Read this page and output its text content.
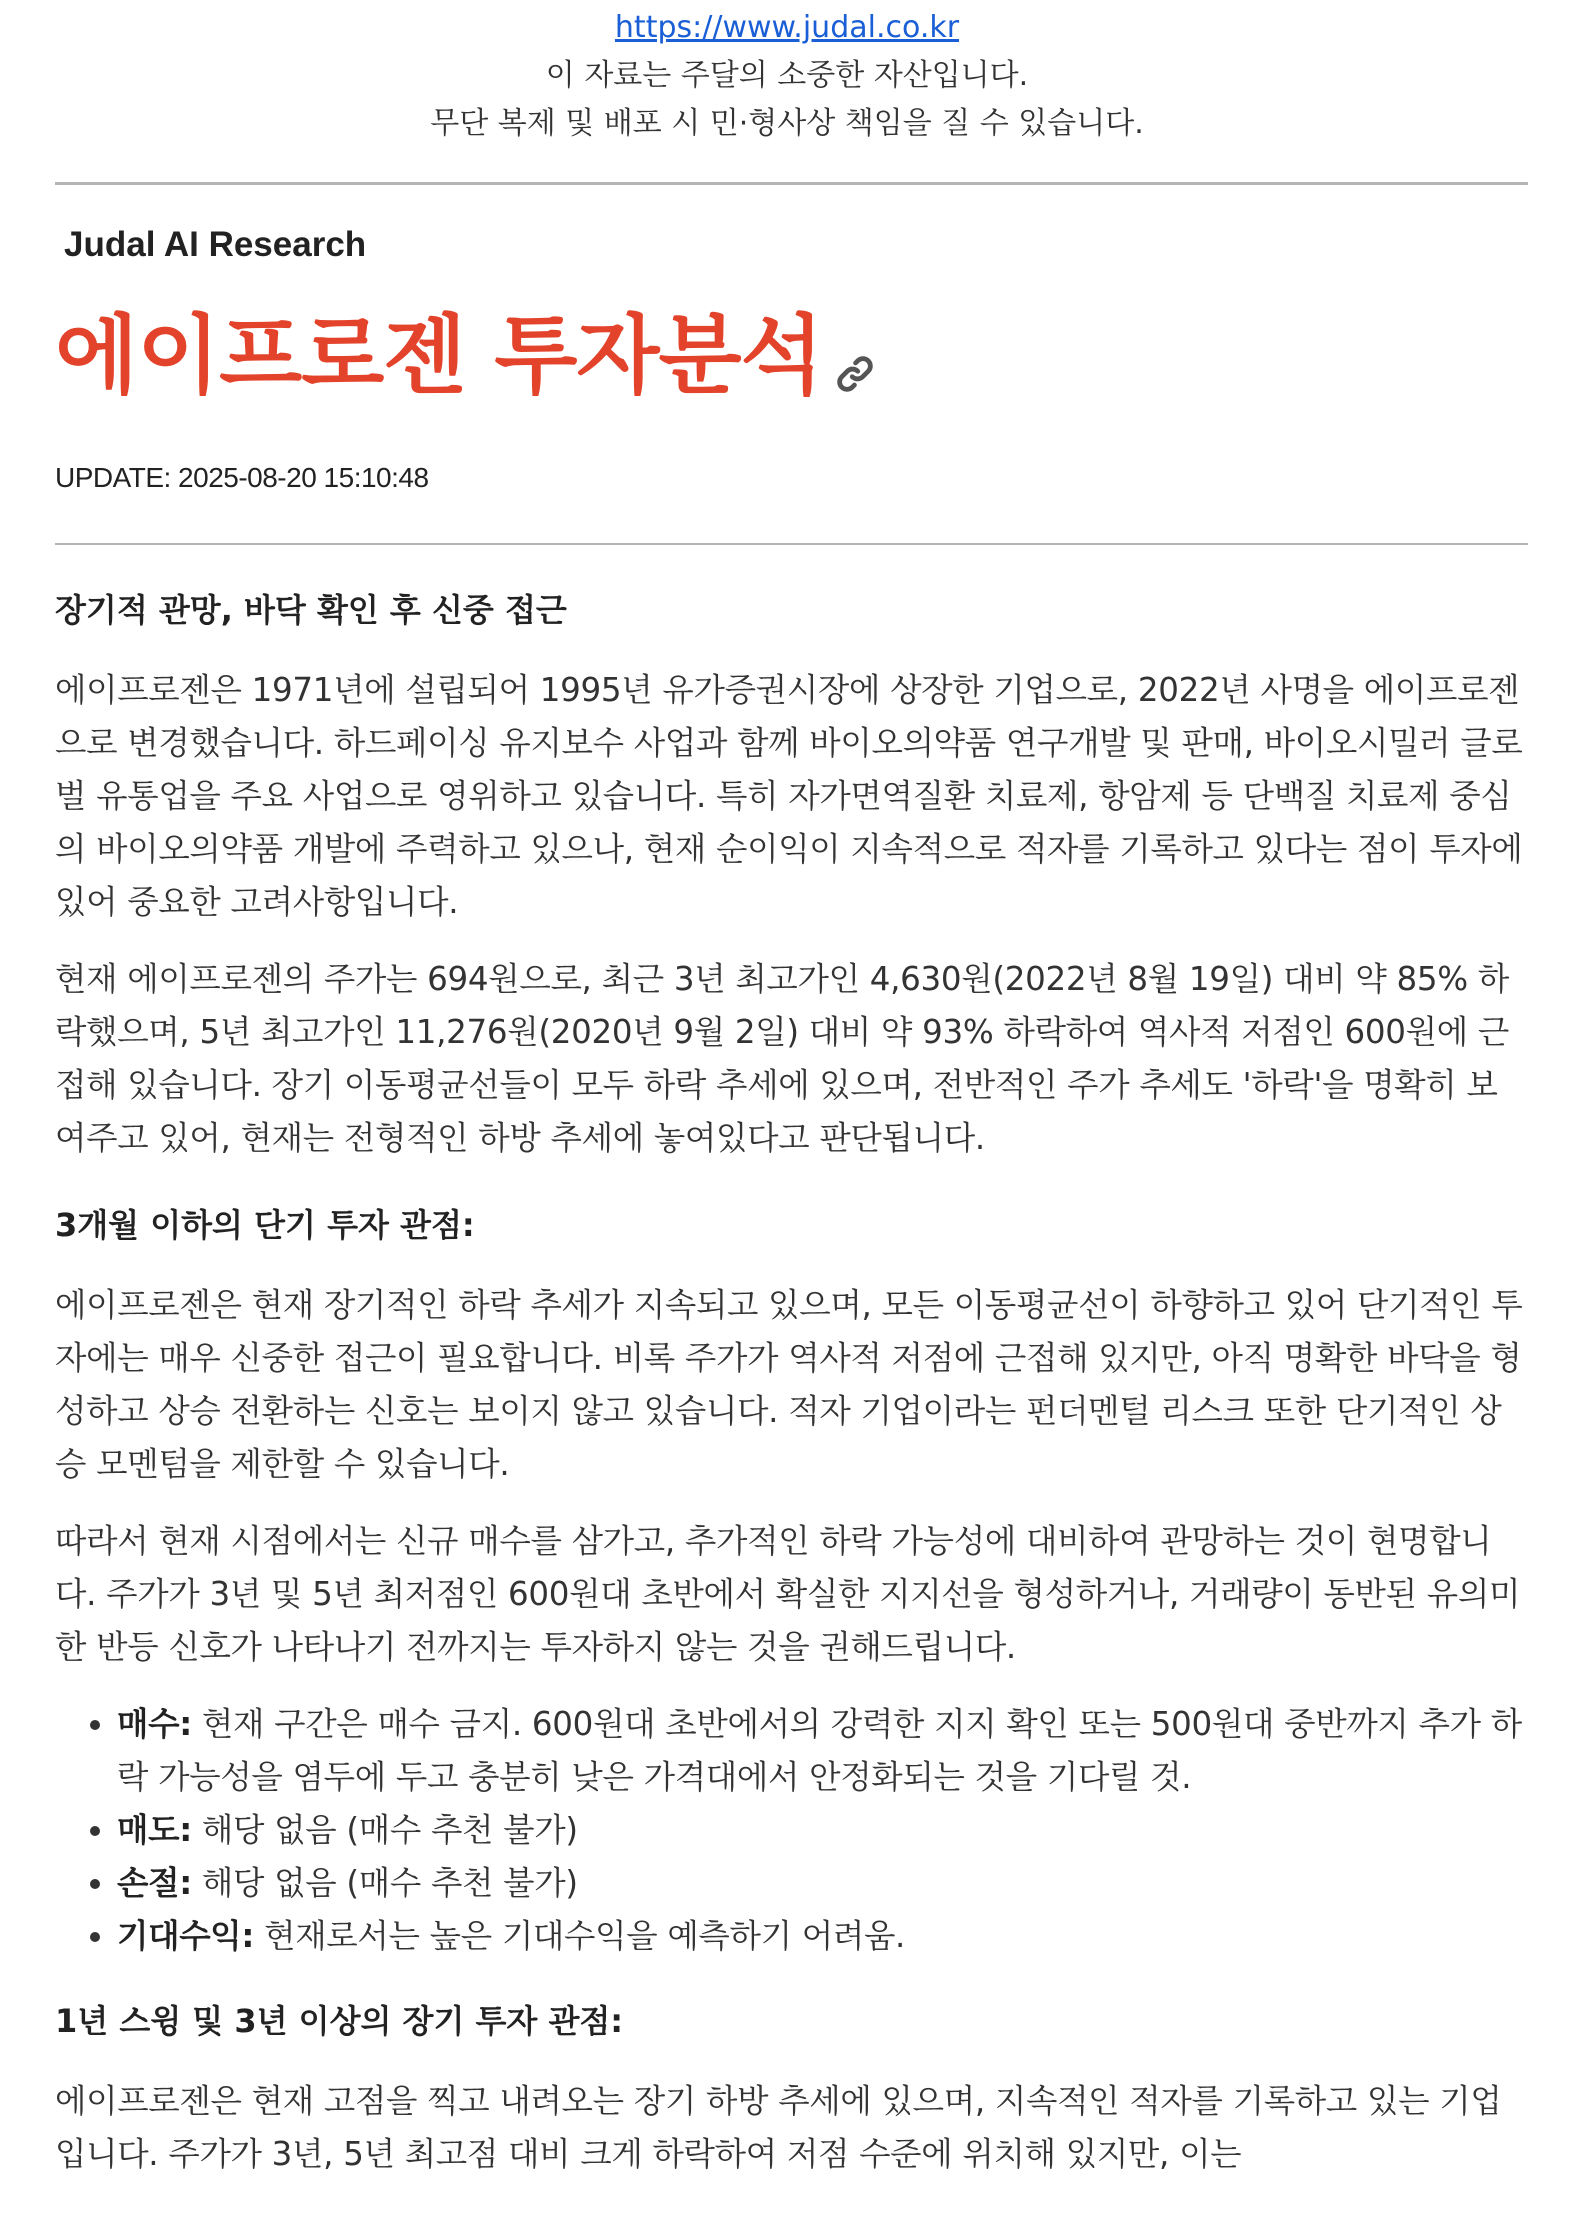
https://www.judal.co.kr
이 자료는 주달의 소중한 자산입니다.
무단 복제 및 배포 시 민·형사상 책임을 질 수 있습니다.
Judal AI Research
에이프로젠 투자분석
UPDATE: 2025-08-20 15:10:48
장기적 관망, 바닥 확인 후 신중 접근

에이프로젠은 1971년에 설립되어 1995년 유가증권시장에 상장한 기업으로, 2022년 사명을 에이프로젠으로 변경했습니다. 하드페이싱 유지보수 사업과 함께 바이오의약품 연구개발 및 판매, 바이오시밀러 글로벌 유통업을 주요 사업으로 영위하고 있습니다. 특히 자가면역질환 치료제, 항암제 등 단백질 치료제 중심의 바이오의약품 개발에 주력하고 있으나, 현재 순이익이 지속적으로 적자를 기록하고 있다는 점이 투자에 있어 중요한 고려사항입니다.

현재 에이프로젠의 주가는 694원으로, 최근 3년 최고가인 4,630원(2022년 8월 19일) 대비 약 85% 하락했으며, 5년 최고가인 11,276원(2020년 9월 2일) 대비 약 93% 하락하여 역사적 저점인 600원에 근접해 있습니다. 장기 이동평균선들이 모두 하락 추세에 있으며, 전반적인 주가 추세도 '하락'을 명확히 보여주고 있어, 현재는 전형적인 하방 추세에 놓여있다고 판단됩니다.

3개월 이하의 단기 투자 관점:

에이프로젠은 현재 장기적인 하락 추세가 지속되고 있으며, 모든 이동평균선이 하향하고 있어 단기적인 투자에는 매우 신중한 접근이 필요합니다. 비록 주가가 역사적 저점에 근접해 있지만, 아직 명확한 바닥을 형성하고 상승 전환하는 신호는 보이지 않고 있습니다. 적자 기업이라는 펀더멘털 리스크 또한 단기적인 상승 모멘텀을 제한할 수 있습니다.

따라서 현재 시점에서는 신규 매수를 삼가고, 추가적인 하락 가능성에 대비하여 관망하는 것이 현명합니다. 주가가 3년 및 5년 최저점인 600원대 초반에서 확실한 지지선을 형성하거나, 거래량이 동반된 유의미한 반등 신호가 나타나기 전까지는 투자하지 않는 것을 권해드립니다.

• 매수: 현재 구간은 매수 금지. 600원대 초반에서의 강력한 지지 확인 또는 500원대 중반까지 추가 하락 가능성을 염두에 두고 충분히 낮은 가격대에서 안정화되는 것을 기다릴 것.
• 매도: 해당 없음 (매수 추천 불가)
• 손절: 해당 없음 (매수 추천 불가)
• 기대수익: 현재로서는 높은 기대수익을 예측하기 어려움.
1년 스윙 및 3년 이상의 장기 투자 관점:

에이프로젠은 현재 고점을 찍고 내려오는 장기 하방 추세에 있으며, 지속적인 적자를 기록하고 있는 기업입니다. 주가가 3년, 5년 최고점 대비 크게 하락하여 저점 수준에 위치해 있지만, 이는
